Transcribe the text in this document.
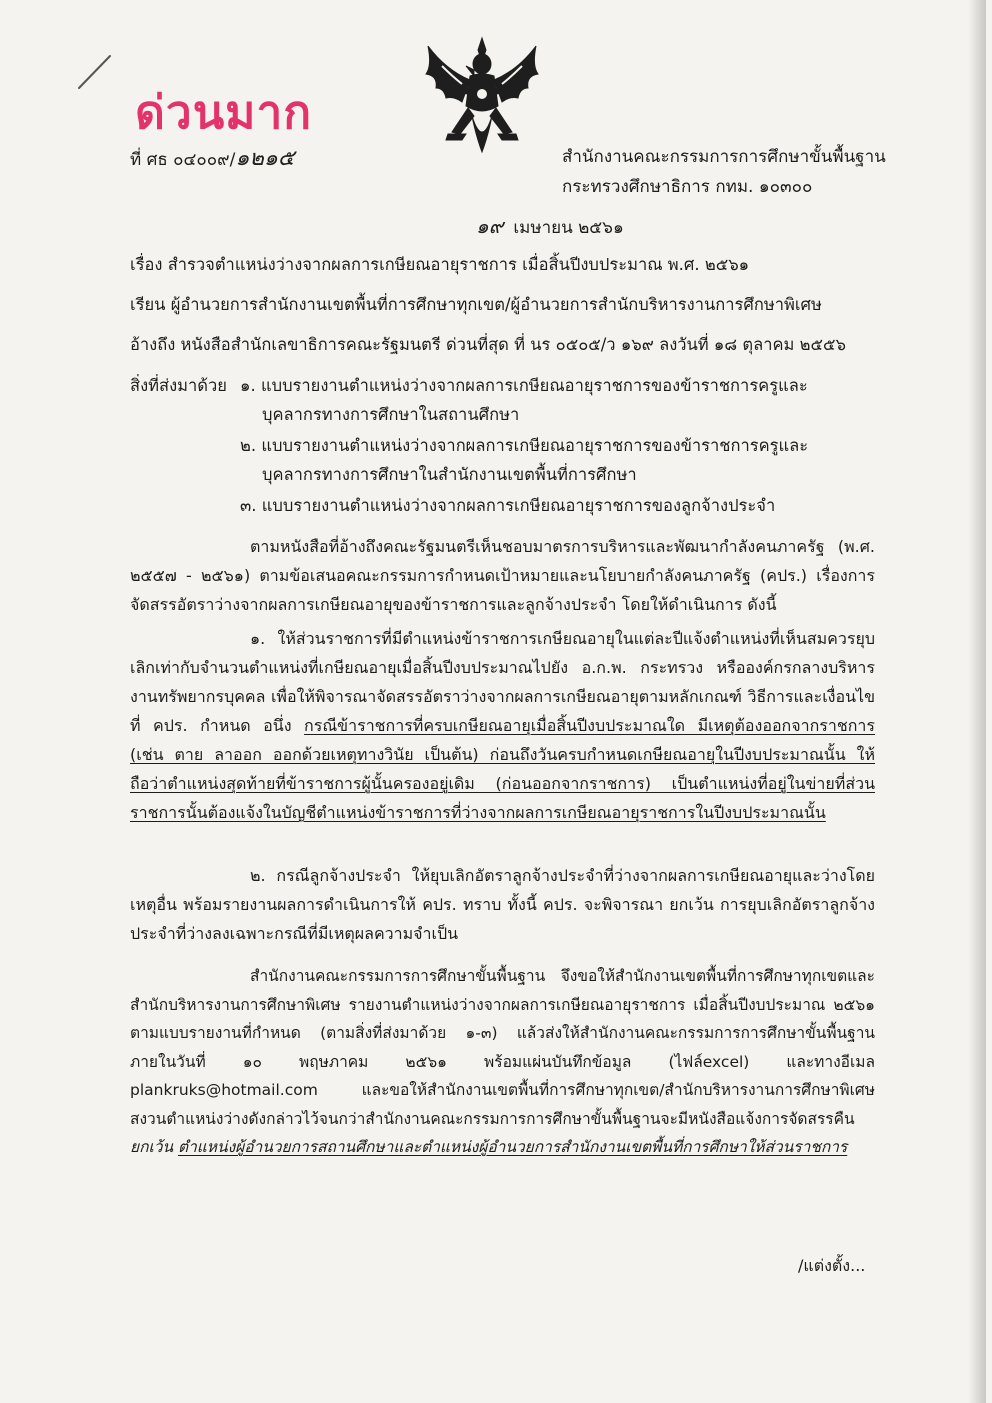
ด่วนมาก
ที่ ศธ ๐๔๐๐๙/๑๒๑๕	สำนักงานคณะกรรมการการศึกษาขั้นพื้นฐาน
กระทรวงศึกษาธิการ กทม. ๑๐๓๐๐
๑๙ เมษายน ๒๕๖๑
เรื่อง สำรวจตำแหน่งว่างจากผลการเกษียณอายุราชการ เมื่อสิ้นปีงบประมาณ พ.ศ. ๒๕๖๑
เรียน ผู้อำนวยการสำนักงานเขตพื้นที่การศึกษาทุกเขต/ผู้อำนวยการสำนักบริหารงานการศึกษาพิเศษ
อ้างถึง หนังสือสำนักเลขาธิการคณะรัฐมนตรี ด่วนที่สุด ที่ นร ๐๕๐๕/ว ๑๖๙ ลงวันที่ ๑๘ ตุลาคม ๒๕๕๖
สิ่งที่ส่งมาด้วย ๑. แบบรายงานตำแหน่งว่างจากผลการเกษียณอายุราชการของข้าราชการครูและ
บุคลากรทางการศึกษาในสถานศึกษา
๒. แบบรายงานตำแหน่งว่างจากผลการเกษียณอายุราชการของข้าราชการครูและ
บุคลากรทางการศึกษาในสำนักงานเขตพื้นที่การศึกษา
๓. แบบรายงานตำแหน่งว่างจากผลการเกษียณอายุราชการของลูกจ้างประจำ
ตามหนังสือที่อ้างถึงคณะรัฐมนตรีเห็นชอบมาตรการบริหารและพัฒนากำลังคนภาครัฐ (พ.ศ. ๒๕๕๗ - ๒๕๖๑) ตามข้อเสนอคณะกรรมการกำหนดเป้าหมายและนโยบายกำลังคนภาครัฐ (คปร.) เรื่องการจัดสรรอัตราว่างจากผลการเกษียณอายุของข้าราชการและลูกจ้างประจำ โดยให้ดำเนินการ ดังนี้
๑. ให้ส่วนราชการที่มีตำแหน่งข้าราชการเกษียณอายุในแต่ละปีแจ้งตำแหน่งที่เห็นสมควรยุบเลิกเท่ากับจำนวนตำแหน่งที่เกษียณอายุเมื่อสิ้นปีงบประมาณไปยัง อ.ก.พ. กระทรวง หรือองค์กรกลางบริหารงานทรัพยากรบุคคล เพื่อให้พิจารณาจัดสรรอัตราว่างจากผลการเกษียณอายุตามหลักเกณฑ์ วิธีการและเงื่อนไขที่ คปร. กำหนด อนึ่ง กรณีข้าราชการที่ครบเกษียณอายุเมื่อสิ้นปีงบประมาณใด มีเหตุต้องออกจากราชการ (เช่น ตาย ลาออก ออกด้วยเหตุทางวินัย เป็นต้น) ก่อนถึงวันครบกำหนดเกษียณอายุในปีงบประมาณนั้น ให้ถือว่าตำแหน่งสุดท้ายที่ข้าราชการผู้นั้นครองอยู่เดิม (ก่อนออกจากราชการ) เป็นตำแหน่งที่อยู่ในข่ายที่ส่วนราชการนั้นต้องแจ้งในบัญชีตำแหน่งข้าราชการที่ว่างจากผลการเกษียณอายุราชการในปีงบประมาณนั้น
๒. กรณีลูกจ้างประจำ ให้ยุบเลิกอัตราลูกจ้างประจำที่ว่างจากผลการเกษียณอายุและว่างโดยเหตุอื่น พร้อมรายงานผลการดำเนินการให้ คปร. ทราบ ทั้งนี้ คปร. จะพิจารณา ยกเว้น การยุบเลิกอัตราลูกจ้างประจำที่ว่างลงเฉพาะกรณีที่มีเหตุผลความจำเป็น
สำนักงานคณะกรรมการการศึกษาขั้นพื้นฐาน จึงขอให้สำนักงานเขตพื้นที่การศึกษาทุกเขตและสำนักบริหารงานการศึกษาพิเศษ รายงานตำแหน่งว่างจากผลการเกษียณอายุราชการ เมื่อสิ้นปีงบประมาณ ๒๕๖๑ ตามแบบรายงานที่กำหนด (ตามสิ่งที่ส่งมาด้วย ๑-๓) แล้วส่งให้สำนักงานคณะกรรมการการศึกษาขั้นพื้นฐานภายในวันที่ ๑๐ พฤษภาคม ๒๕๖๑ พร้อมแผ่นบันทึกข้อมูล (ไฟล์excel) และทางอีเมล plankruks@hotmail.com และขอให้สำนักงานเขตพื้นที่การศึกษาทุกเขต/สำนักบริหารงานการศึกษาพิเศษ สงวนตำแหน่งว่างดังกล่าวไว้จนกว่าสำนักงานคณะกรรมการการศึกษาขั้นพื้นฐานจะมีหนังสือแจ้งการจัดสรรคืน ยกเว้น ตำแหน่งผู้อำนวยการสถานศึกษาและตำแหน่งผู้อำนวยการสำนักงานเขตพื้นที่การศึกษาให้ส่วนราชการ
/แต่งตั้ง...
